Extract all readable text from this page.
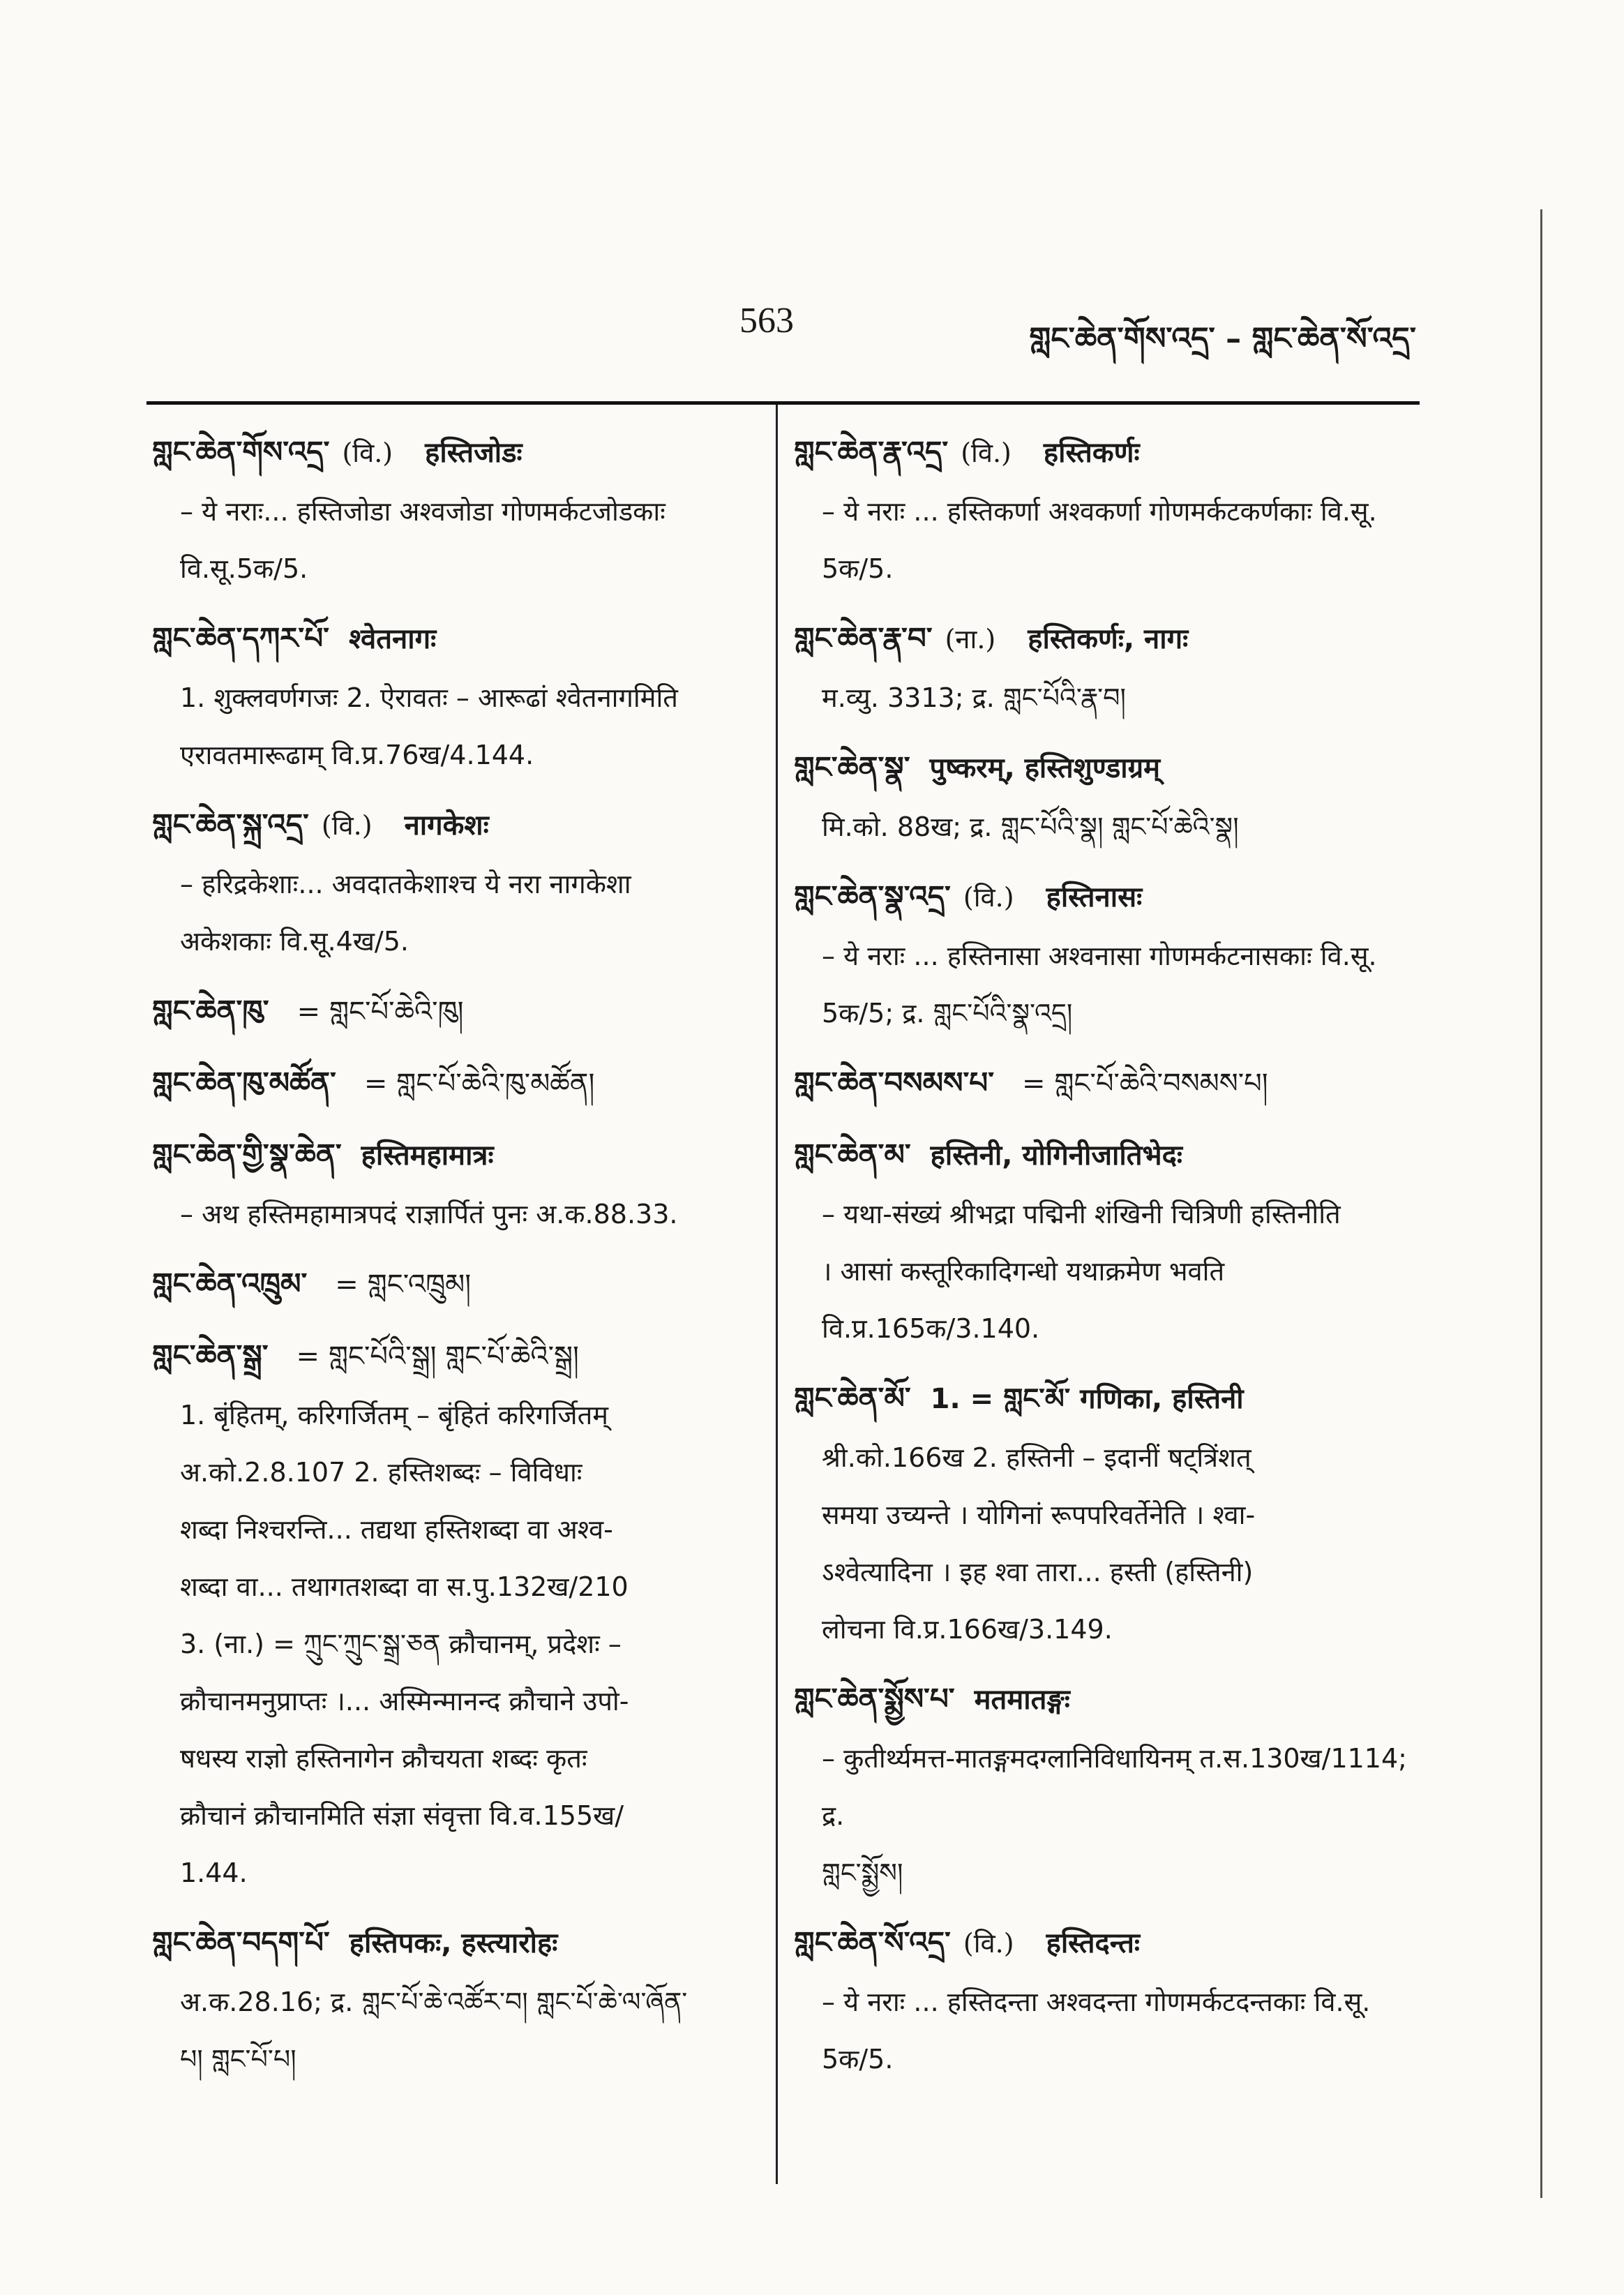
563	གླང་ཆེན་གོས་འདྲ་ – གླང་ཆེན་སོ་འདྲ་
གླང་ཆེན་གོས་འདྲ་ (वि.) हस्तिजोडः
– ये नराः... हस्तिजोडा अश्वजोडा गोणमर्कटजोडकाः
वि.सू.5क/5.
གླང་ཆེན་དཀར་པོ་ श्वेतनागः
1. शुक्लवर्णगजः 2. ऐरावतः – आरूढां श्वेतनागमिति
एरावतमारूढाम् वि.प्र.76ख/4.144.
གླང་ཆེན་སྐྲ་འདྲ་ (वि.) नागकेशः
– हरिद्रकेशाः... अवदातकेशाश्च ये नरा नागकेशा
अकेशकाः वि.सू.4ख/5.
གླང་ཆེན་ཁུ་ = གླང་པོ་ཆེའི་ཁུ།
གླང་ཆེན་ཁུ་མཚོན་ = གླང་པོ་ཆེའི་ཁུ་མཚོན།
གླང་ཆེན་གྱི་སྣ་ཆེན་ हस्तिमहामात्रः
– अथ हस्तिमहामात्रपदं राज्ञार्पितं पुनः अ.क.88.33.
གླང་ཆེན་འཁྲུམ་ = གླང་འཁྲུམ།
གླང་ཆེན་སྒྲ་ = གླང་པོའི་སྒྲ། གླང་པོ་ཆེའི་སྒྲ།
1. बृंहितम्, करिगर्जितम् – बृंहितं करिगर्जितम्
अ.को.2.8.107 2. हस्तिशब्दः – विविधाः
शब्दा निश्चरन्ति... तद्यथा हस्तिशब्दा वा अश्व-
शब्दा वा... तथागतशब्दा वा स.पु.132ख/210
3. (ना.) = ཀྲུང་ཀྲུང་སྒྲ་ཅན क्रौचानम्, प्रदेशः –
क्रौचानमनुप्राप्तः ।... अस्मिन्मानन्द क्रौचाने उपो-
षधस्य राज्ञो हस्तिनागेन क्रौचयता शब्दः कृतः
क्रौचानं क्रौचानमिति संज्ञा संवृत्ता वि.व.155ख/
1.44.
གླང་ཆེན་བདག་པོ་ हस्तिपकः, हस्त्यारोहः
अ.क.28.16; द्र. གླང་པོ་ཆེ་འཚོར་བ། གླང་པོ་ཆེ་ལ་ཞོན་
པ། གླང་པོ་པ།
གླང་ཆེན་རྣ་འདྲ་ (वि.) हस्तिकर्णः
– ये नराः ... हस्तिकर्णा अश्वकर्णा गोणमर्कटकर्णकाः वि.सू.
5क/5.
གླང་ཆེན་རྣ་བ་ (ना.) हस्तिकर्णः, नागः
म.व्यु. 3313; द्र. གླང་པོའི་རྣ་བ།
གླང་ཆེན་སྣ་ पुष्करम्, हस्तिशुण्डाग्रम्
मि.को. 88ख; द्र. གླང་པོའི་སྣ། གླང་པོ་ཆེའི་སྣ།
གླང་ཆེན་སྣ་འདྲ་ (वि.) हस्तिनासः
– ये नराः ... हस्तिनासा अश्वनासा गोणमर्कटनासकाः वि.सू.
5क/5; द्र. གླང་པོའི་སྣ་འདྲ།
གླང་ཆེན་བསམས་པ་ = གླང་པོ་ཆེའི་བསམས་པ།
གླང་ཆེན་མ་ हस्तिनी, योगिनीजातिभेदः
– यथा-संख्यं श्रीभद्रा पद्मिनी शंखिनी चित्रिणी हस्तिनीति
। आसां कस्तूरिकादिगन्धो यथाक्रमेण भवति
वि.प्र.165क/3.140.
གླང་ཆེན་མོ་ 1. = གླང་མོ་ गणिका, हस्तिनी
श्री.को.166ख 2. हस्तिनी – इदानीं षट्त्रिंशत्
समया उच्यन्ते । योगिनां रूपपरिवर्तेनेति । श्वा-
ऽश्वेत्यादिना । इह श्वा तारा... हस्ती (हस्तिनी)
लोचना वि.प्र.166ख/3.149.
གླང་ཆེན་སྨྱོས་པ་ मतमातङ्गः
– कुतीर्थ्यमत्त-मातङ्गमदग्लानिविधायिनम् त.स.130ख/1114; द्र.
གླང་སྨྱོས།
གླང་ཆེན་སོ་འདྲ་ (वि.) हस्तिदन्तः
– ये नराः ... हस्तिदन्ता अश्वदन्ता गोणमर्कटदन्तकाः वि.सू.
5क/5.
